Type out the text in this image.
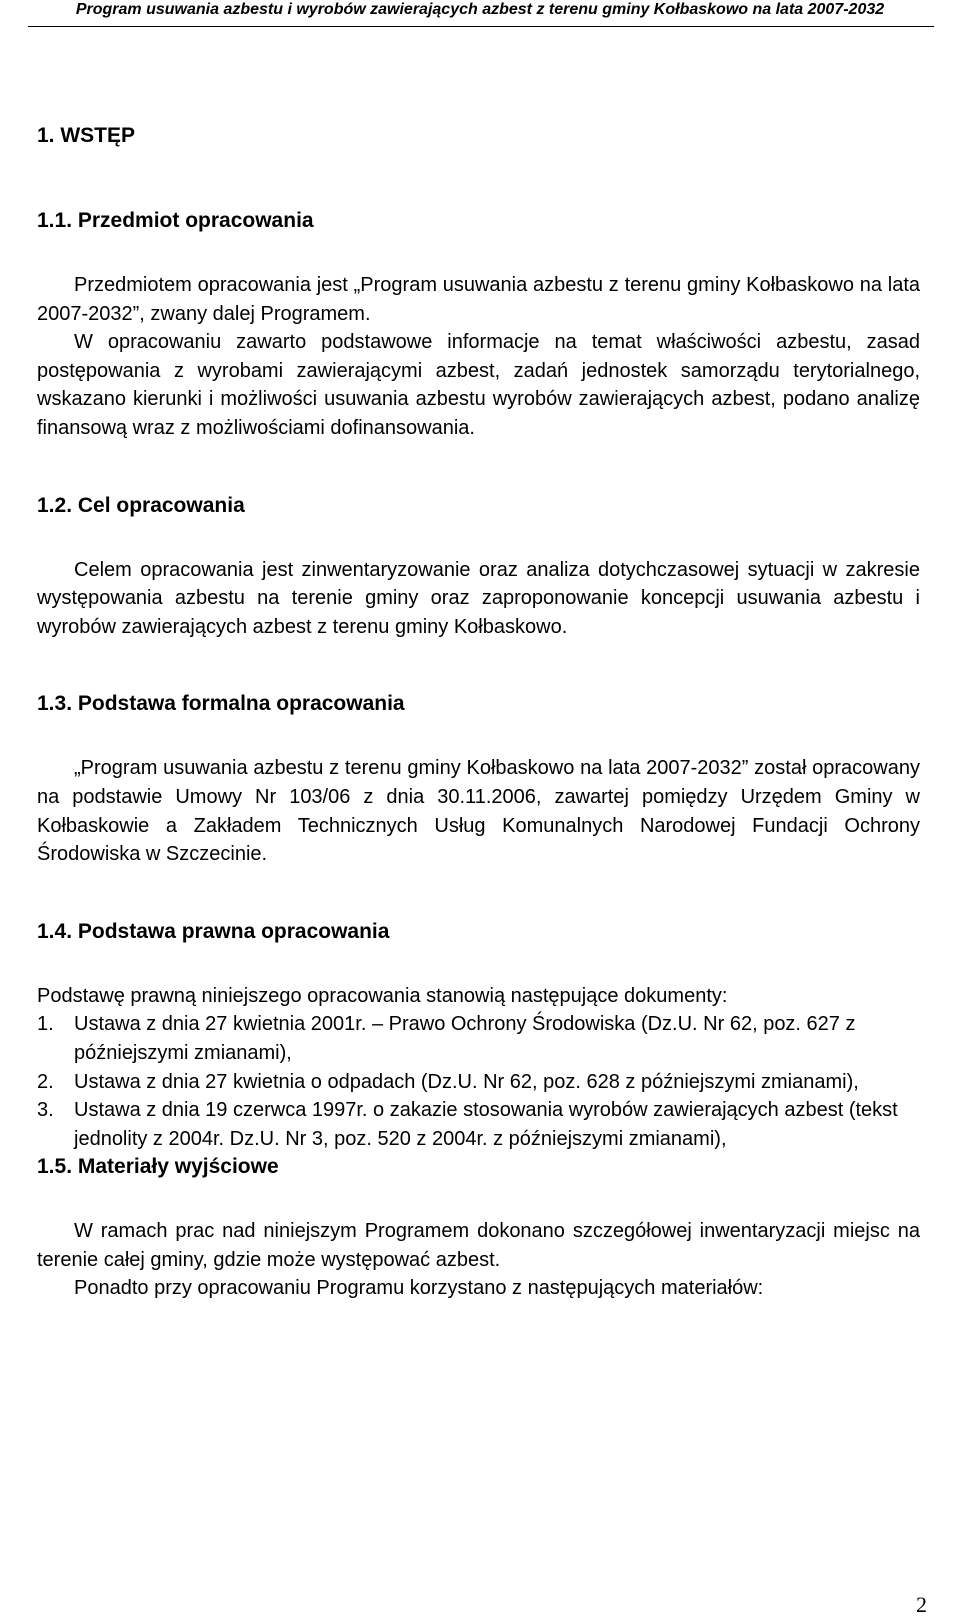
Program usuwania azbestu i wyrobów zawierających azbest z terenu gminy Kołbaskowo na lata 2007-2032
1. WSTĘP
1.1. Przedmiot opracowania

Przedmiotem opracowania jest „Program usuwania azbestu z terenu gminy Kołbaskowo na lata 2007-2032”, zwany dalej Programem.

W opracowaniu zawarto podstawowe informacje na temat właściwości azbestu, zasad postępowania z wyrobami zawierającymi azbest, zadań jednostek samorządu terytorialnego, wskazano kierunki i możliwości usuwania azbestu wyrobów zawierających azbest, podano analizę finansową wraz z możliwościami dofinansowania.

1.2. Cel opracowania

Celem opracowania jest zinwentaryzowanie oraz analiza dotychczasowej sytuacji w zakresie występowania azbestu na terenie gminy oraz zaproponowanie koncepcji usuwania azbestu i wyrobów zawierających azbest z terenu gminy Kołbaskowo.

1.3. Podstawa formalna opracowania

„Program usuwania azbestu z terenu gminy Kołbaskowo na lata 2007-2032” został opracowany na podstawie Umowy Nr 103/06 z dnia 30.11.2006, zawartej pomiędzy Urzędem Gminy w Kołbaskowie a Zakładem Technicznych Usług Komunalnych Narodowej Fundacji Ochrony Środowiska w Szczecinie.

1.4. Podstawa prawna opracowania

Podstawę prawną niniejszego opracowania stanowią następujące dokumenty:

1. Ustawa z dnia 27 kwietnia 2001r. – Prawo Ochrony Środowiska (Dz.U. Nr 62, poz. 627 z późniejszymi zmianami),
2. Ustawa z dnia 27 kwietnia o odpadach (Dz.U. Nr 62, poz. 628 z późniejszymi zmianami),
3. Ustawa z dnia 19 czerwca 1997r. o zakazie stosowania wyrobów zawierających azbest (tekst jednolity z 2004r. Dz.U. Nr 3, poz. 520 z 2004r. z późniejszymi zmianami),
1.5. Materiały wyjściowe

W ramach prac nad niniejszym Programem dokonano szczegółowej inwentaryzacji miejsc na terenie całej gminy, gdzie może występować azbest.

Ponadto przy opracowaniu Programu korzystano z następujących materiałów:

2
